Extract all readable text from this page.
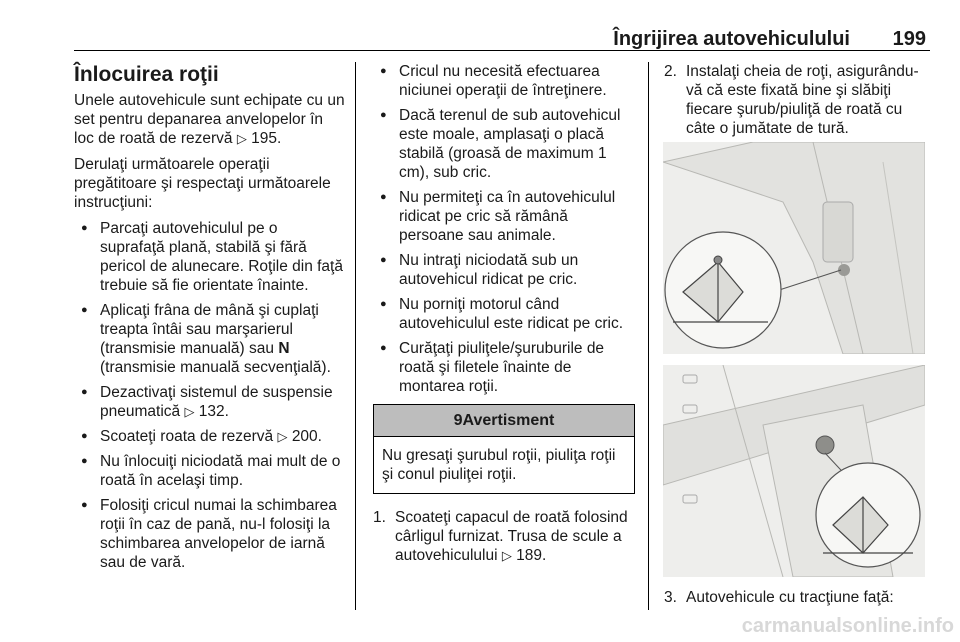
Îngrijirea autovehiculului 199
Înlocuirea roţii

Unele autovehicule sunt echipate cu un set pentru depanarea anvelopelor în loc de roată de rezervă ▷ 195.

Derulaţi următoarele operaţii pregătitoare şi respectaţi următoarele instrucţiuni:

● Parcaţi autovehiculul pe o suprafaţă plană, stabilă şi fără pericol de alunecare. Roţile din faţă trebuie să fie orientate înainte.
● Aplicaţi frâna de mână şi cuplaţi treapta întâi sau marşarierul (transmisie manuală) sau N (transmisie manuală secvenţială).
● Dezactivaţi sistemul de suspensie pneumatică ▷ 132.
● Scoateţi roata de rezervă ▷ 200.
● Nu înlocuiţi niciodată mai mult de o roată în acelaşi timp.
● Folosiţi cricul numai la schimbarea roţii în caz de pană, nu-l folosiţi la schimbarea anvelopelor de iarnă sau de vară.
● Cricul nu necesită efectuarea niciunei operaţii de întreţinere.
● Dacă terenul de sub autovehicul este moale, amplasaţi o placă stabilă (groasă de maximum 1 cm), sub cric.
● Nu permiteţi ca în autovehiculul ridicat pe cric să rămână persoane sau animale.
● Nu intraţi niciodată sub un autovehicul ridicat pe cric.
● Nu porniţi motorul când autovehiculul este ridicat pe cric.
● Curăţaţi piuliţele/şuruburile de roată şi filetele înainte de montarea roţii.
9Avertisment
Nu gresaţi şurubul roţii, piuliţa roţii şi conul piuliţei roţii.
1. Scoateţi capacul de roată folosind cârligul furnizat. Trusa de scule a autovehiculului ▷ 189.
2. Instalaţi cheia de roţi, asigurându-vă că este fixată bine şi slăbiţi fiecare şurub/piuliţă de roată cu câte o jumătate de tură.
3. Autovehicule cu tracţiune faţă:
carmanualsonline.info
